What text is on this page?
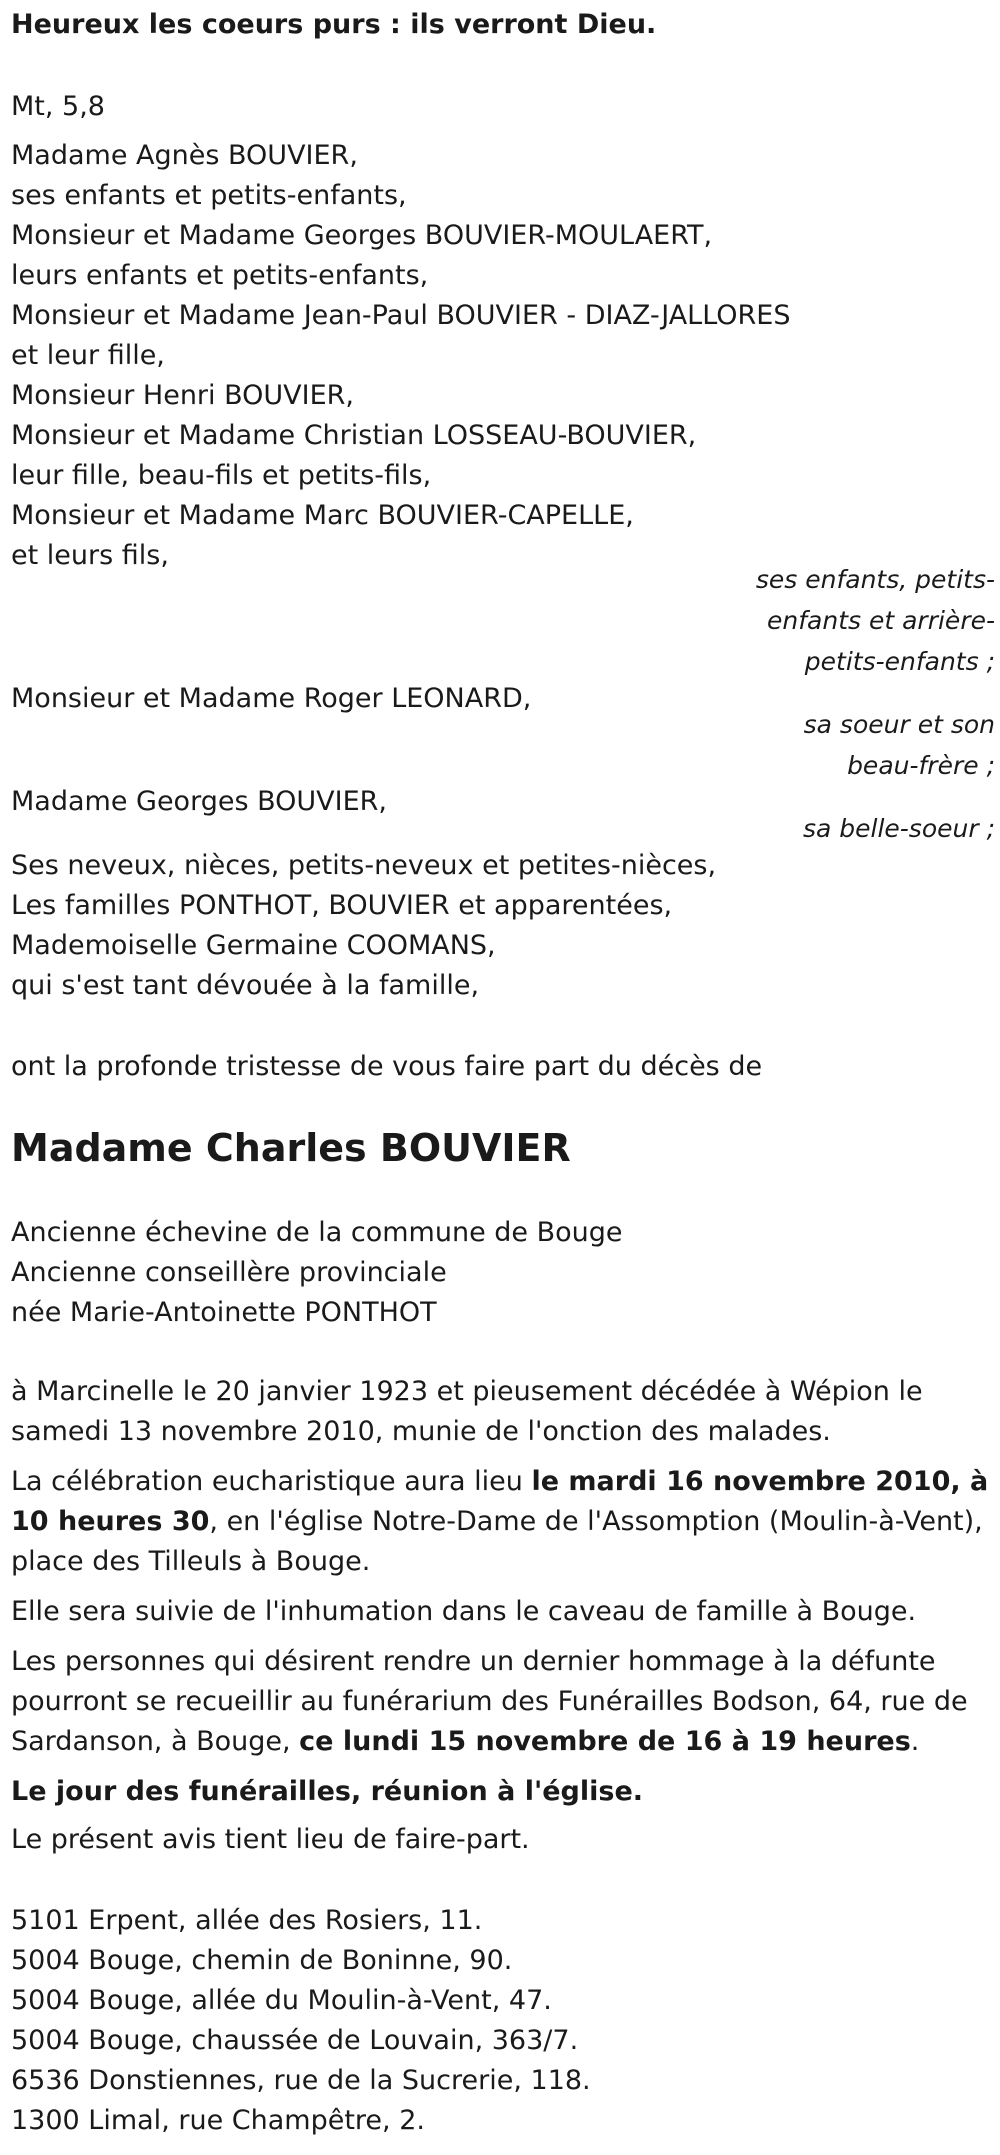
Heureux les coeurs purs : ils verront Dieu.
Mt, 5,8
Madame Agnès BOUVIER,
ses enfants et petits-enfants,
Monsieur et Madame Georges BOUVIER-MOULAERT,
leurs enfants et petits-enfants,
Monsieur et Madame Jean-Paul BOUVIER - DIAZ-JALLORES
et leur fille,
Monsieur Henri BOUVIER,
Monsieur et Madame Christian LOSSEAU-BOUVIER,
leur fille, beau-fils et petits-fils,
Monsieur et Madame Marc BOUVIER-CAPELLE,
et leurs fils,
ses enfants, petits-
enfants et arrière-
petits-enfants ;
Monsieur et Madame Roger LEONARD,
sa soeur et son
beau-frère ;
Madame Georges BOUVIER,
sa belle-soeur ;
Ses neveux, nièces, petits-neveux et petites-nièces,
Les familles PONTHOT, BOUVIER et apparentées,
Mademoiselle Germaine COOMANS,
qui s'est tant dévouée à la famille,
ont la profonde tristesse de vous faire part du décès de
Madame Charles BOUVIER
Ancienne échevine de la commune de Bouge
Ancienne conseillère provinciale
née Marie-Antoinette PONTHOT
à Marcinelle le 20 janvier 1923 et pieusement décédée à Wépion le samedi 13 novembre 2010, munie de l'onction des malades.
La célébration eucharistique aura lieu le mardi 16 novembre 2010, à 10 heures 30, en l'église Notre-Dame de l'Assomption (Moulin-à-Vent), place des Tilleuls à Bouge.
Elle sera suivie de l'inhumation dans le caveau de famille à Bouge.
Les personnes qui désirent rendre un dernier hommage à la défunte pourront se recueillir au funérarium des Funérailles Bodson, 64, rue de Sardanson, à Bouge, ce lundi 15 novembre de 16 à 19 heures.
Le jour des funérailles, réunion à l'église.
Le présent avis tient lieu de faire-part.
5101 Erpent, allée des Rosiers, 11.
5004 Bouge, chemin de Boninne, 90.
5004 Bouge, allée du Moulin-à-Vent, 47.
5004 Bouge, chaussée de Louvain, 363/7.
6536 Donstiennes, rue de la Sucrerie, 118.
1300 Limal, rue Champêtre, 2.
